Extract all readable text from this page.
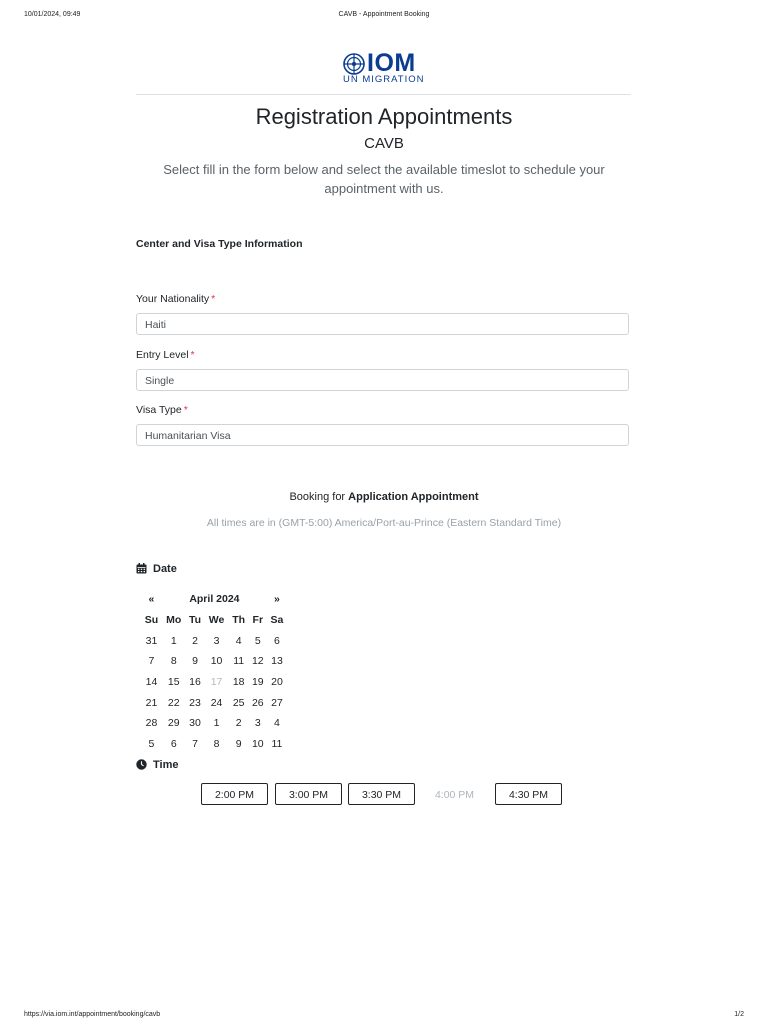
10/01/2024, 09:49	CAVB - Appointment Booking
IOM
UN MIGRATION
Registration Appointments
CAVB
Select fill in the form below and select the available timeslot to schedule your appointment with us.
Center and Visa Type Information
Your Nationality *
Haiti
Entry Level *
Single
Visa Type *
Humanitarian Visa
Booking for Application Appointment
All times are in (GMT-5:00) America/Port-au-Prince (Eastern Standard Time)
Date
«	April 2024					»
Su	Mo	Tu	We	Th	Fr	Sa
31	1	2	3	4	5	6
7	8	9	10	11	12	13
14	15	16	17	18	19	20
21	22	23	24	25	26	27
28	29	30	1	2	3	4
5	6	7	8	9	10	11
Time
2:00 PM	3:00 PM	3:30 PM	4:00 PM	4:30 PM
https://via.iom.int/appointment/booking/cavb	1/2
